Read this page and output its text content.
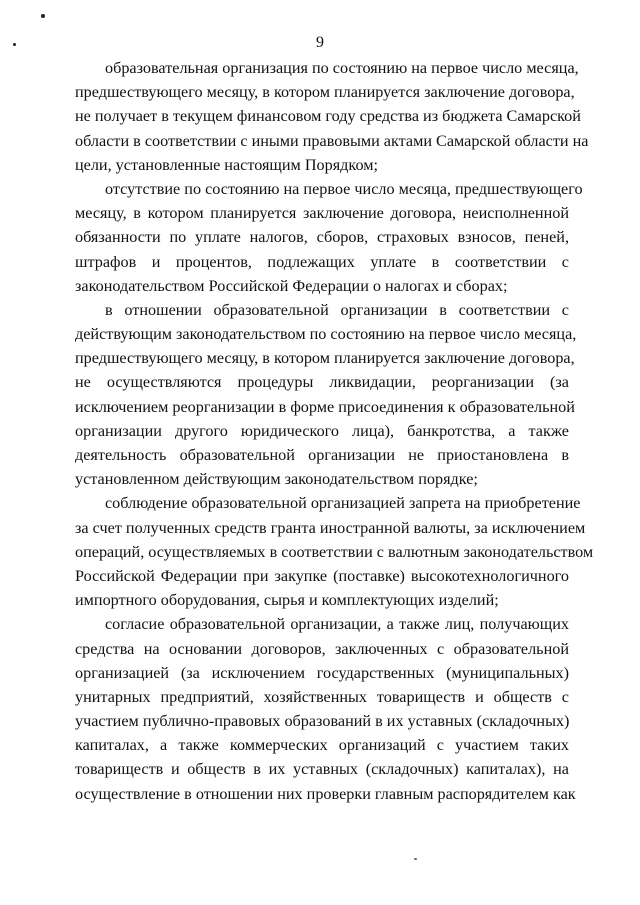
9
образовательная организация по состоянию на первое число месяца,
предшествующего месяцу, в котором планируется заключение договора,
не получает в текущем финансовом году средства из бюджета Самарской
области в соответствии с иными правовыми актами Самарской области на
цели, установленные настоящим Порядком;
отсутствие по состоянию на первое число месяца, предшествующего
месяцу, в котором планируется заключение договора, неисполненной
обязанности по уплате налогов, сборов, страховых взносов, пеней,
штрафов и процентов, подлежащих уплате в соответствии с
законодательством Российской Федерации о налогах и сборах;
в отношении образовательной организации в соответствии с
действующим законодательством по состоянию на первое число месяца,
предшествующего месяцу, в котором планируется заключение договора,
не осуществляются процедуры ликвидации, реорганизации (за
исключением реорганизации в форме присоединения к образовательной
организации другого юридического лица), банкротства, а также
деятельность образовательной организации не приостановлена в
установленном действующим законодательством порядке;
соблюдение образовательной организацией запрета на приобретение
за счет полученных средств гранта иностранной валюты, за исключением
операций, осуществляемых в соответствии с валютным законодательством
Российской Федерации при закупке (поставке) высокотехнологичного
импортного оборудования, сырья и комплектующих изделий;
согласие образовательной организации, а также лиц, получающих
средства на основании договоров, заключенных с образовательной
организацией (за исключением государственных (муниципальных)
унитарных предприятий, хозяйственных товариществ и обществ с
участием публично-правовых образований в их уставных (складочных)
капиталах, а также коммерческих организаций с участием таких
товариществ и обществ в их уставных (складочных) капиталах), на
осуществление в отношении них проверки главным распорядителем как
